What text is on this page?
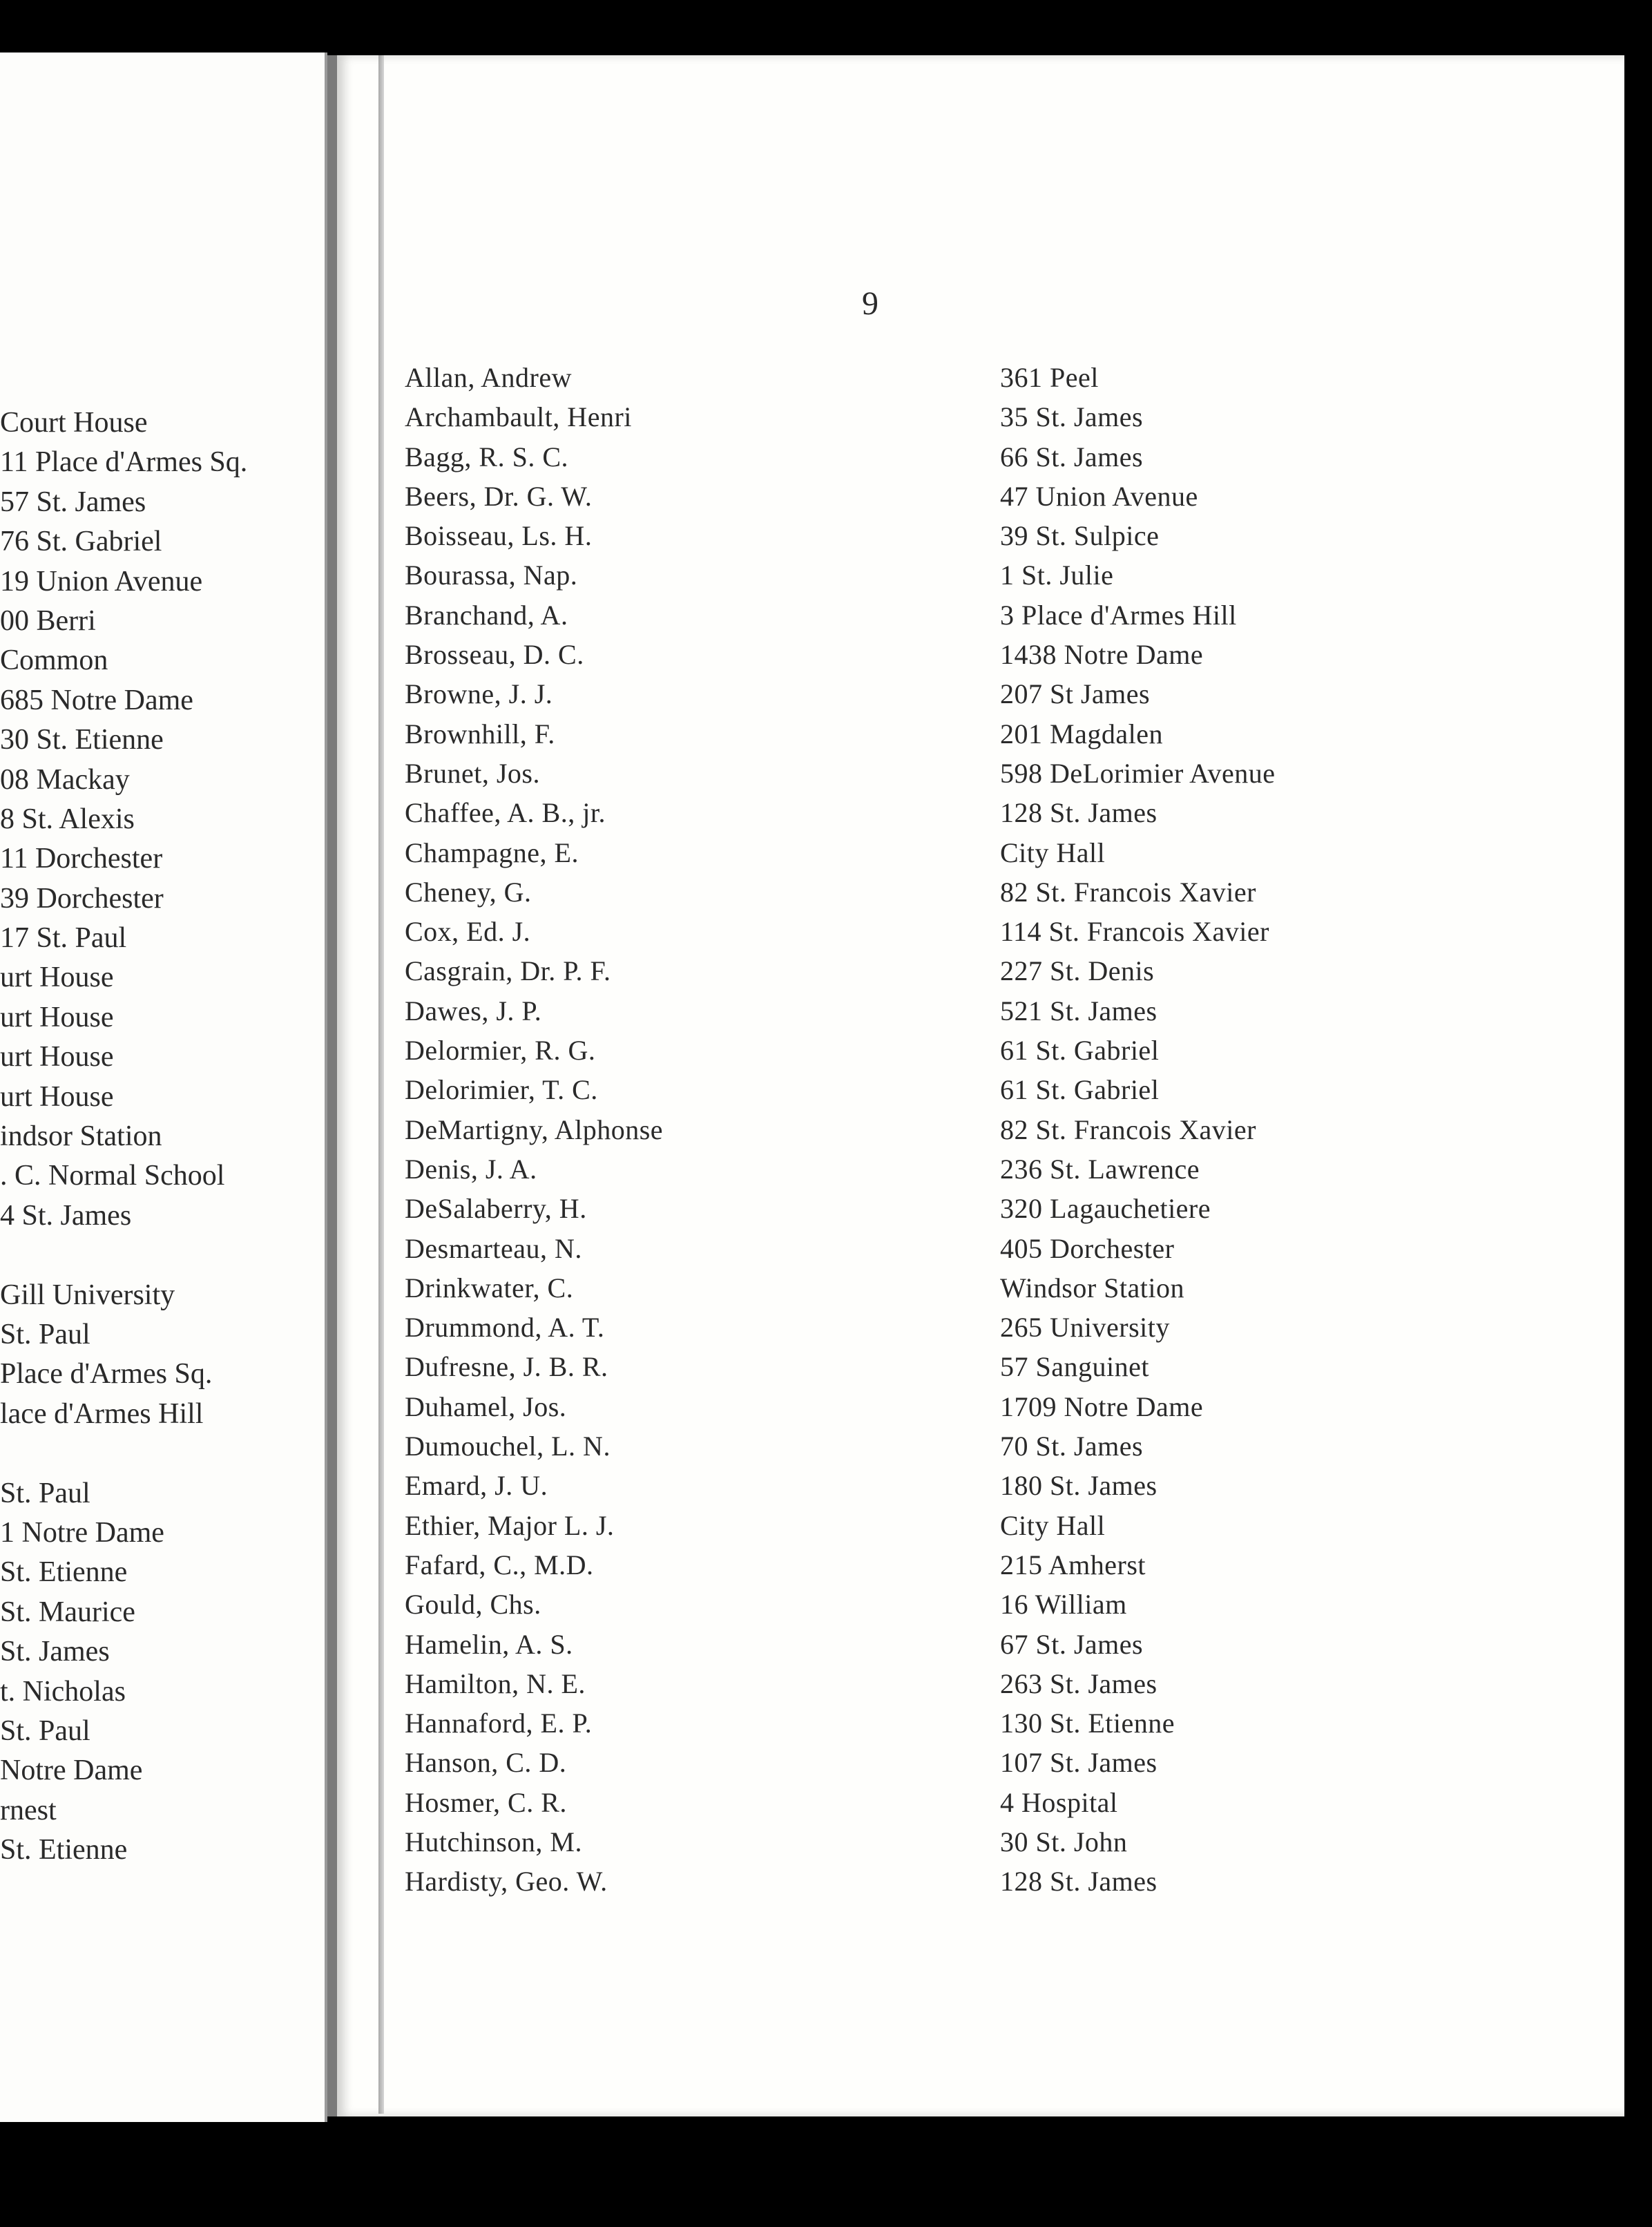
Court House
11 Place d'Armes Sq.
57 St. James
76 St. Gabriel
19 Union Avenue
00 Berri
Common
685 Notre Dame
30 St. Etienne
08 Mackay
8 St. Alexis
11 Dorchester
39 Dorchester
17 St. Paul
urt House
urt House
urt House
urt House
indsor Station
. C. Normal School
4 St. James
Gill University
St. Paul
Place d'Armes Sq.
lace d'Armes Hill
St. Paul
1 Notre Dame
St. Etienne
St. Maurice
St. James
t. Nicholas
St. Paul
Notre Dame
rnest
St. Etienne
9
Allan, Andrew	361 Peel
Archambault, Henri	35 St. James
Bagg, R. S. C.	66 St. James
Beers, Dr. G. W.	47 Union Avenue
Boisseau, Ls. H.	39 St. Sulpice
Bourassa, Nap.	1 St. Julie
Branchand, A.	3 Place d'Armes Hill
Brosseau, D. C.	1438 Notre Dame
Browne, J. J.	207 St James
Brownhill, F.	201 Magdalen
Brunet, Jos.	598 DeLorimier Avenue
Chaffee, A. B., jr.	128 St. James
Champagne, E.	City Hall
Cheney, G.	82 St. Francois Xavier
Cox, Ed. J.	114 St. Francois Xavier
Casgrain, Dr. P. F.	227 St. Denis
Dawes, J. P.	521 St. James
Delormier, R. G.	61 St. Gabriel
Delorimier, T. C.	61 St. Gabriel
DeMartigny, Alphonse	82 St. Francois Xavier
Denis, J. A.	236 St. Lawrence
DeSalaberry, H.	320 Lagauchetiere
Desmarteau, N.	405 Dorchester
Drinkwater, C.	Windsor Station
Drummond, A. T.	265 University
Dufresne, J. B. R.	57 Sanguinet
Duhamel, Jos.	1709 Notre Dame
Dumouchel, L. N.	70 St. James
Emard, J. U.	180 St. James
Ethier, Major L. J.	City Hall
Fafard, C., M.D.	215 Amherst
Gould, Chs.	16 William
Hamelin, A. S.	67 St. James
Hamilton, N. E.	263 St. James
Hannaford, E. P.	130 St. Etienne
Hanson, C. D.	107 St. James
Hosmer, C. R.	4 Hospital
Hutchinson, M.	30 St. John
Hardisty, Geo. W.	128 St. James
